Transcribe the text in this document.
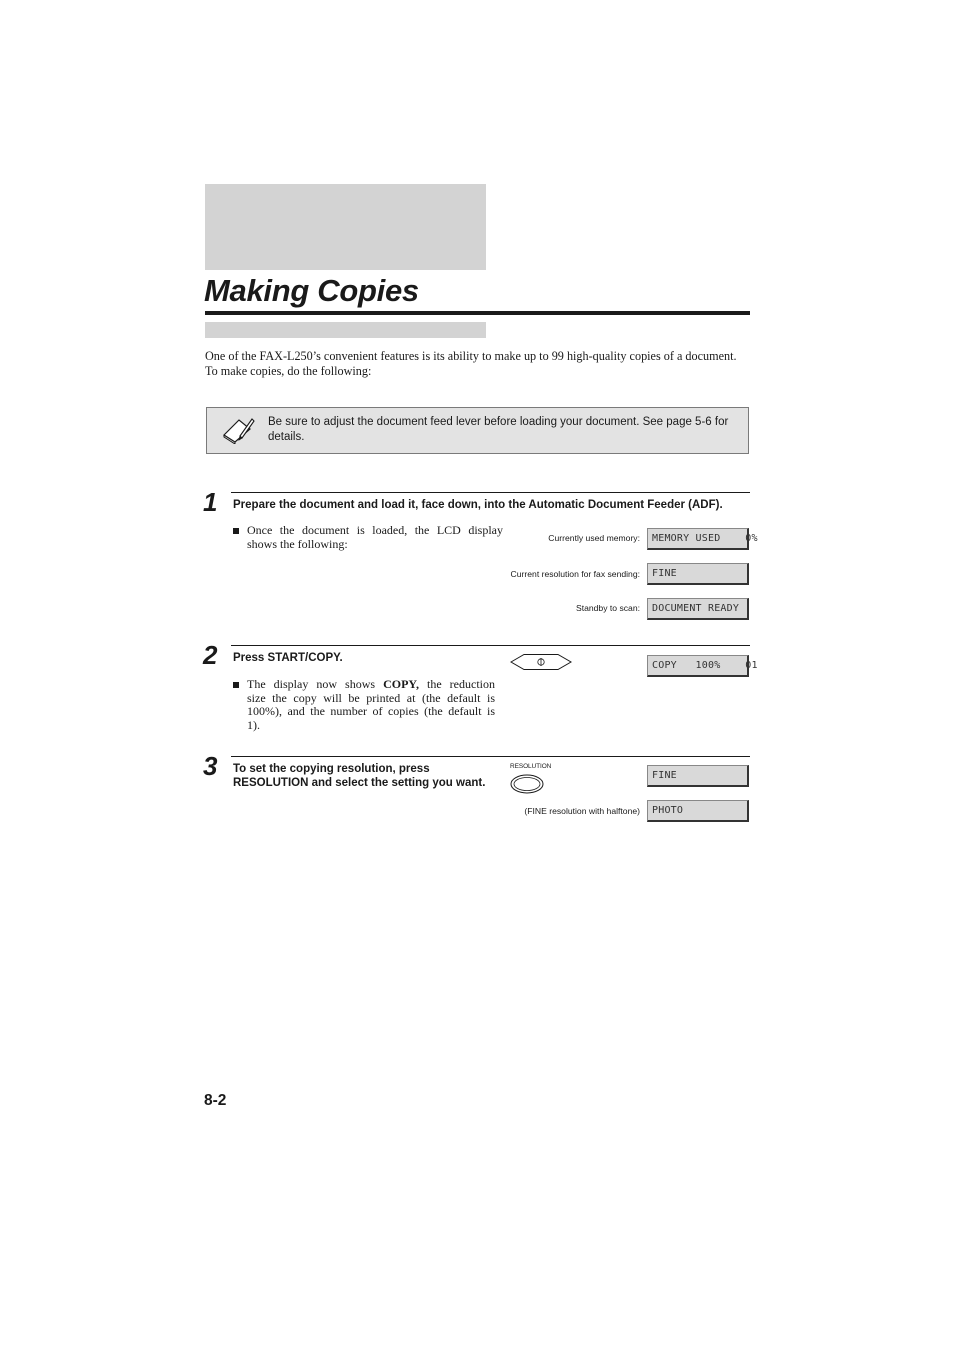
Making Copies

One of the FAX-L250’s convenient features is its ability to make up to 99 high-quality copies of a document. To make copies, do the following:

Be sure to adjust the document feed lever before loading your document. See page 5-6 for details.
1 Prepare the document and load it, face down, into the Automatic Document Feeder (ADF).
Once the document is loaded, the LCD display
shows the following:	Currently used memory:	MEMORY USED    0%
Current resolution for fax sending:	FINE
Standby to scan:	DOCUMENT READY
2 Press START/COPY.
The display now shows COPY, the reduction
size the copy will be printed at (the default is
100%), and the number of copies (the default is
1).
COPY   100%    01
3 To set the copying resolution, press
RESOLUTION and select the setting you want.
RESOLUTION
FINE
(FINE resolution with halftone)	PHOTO
8-2
